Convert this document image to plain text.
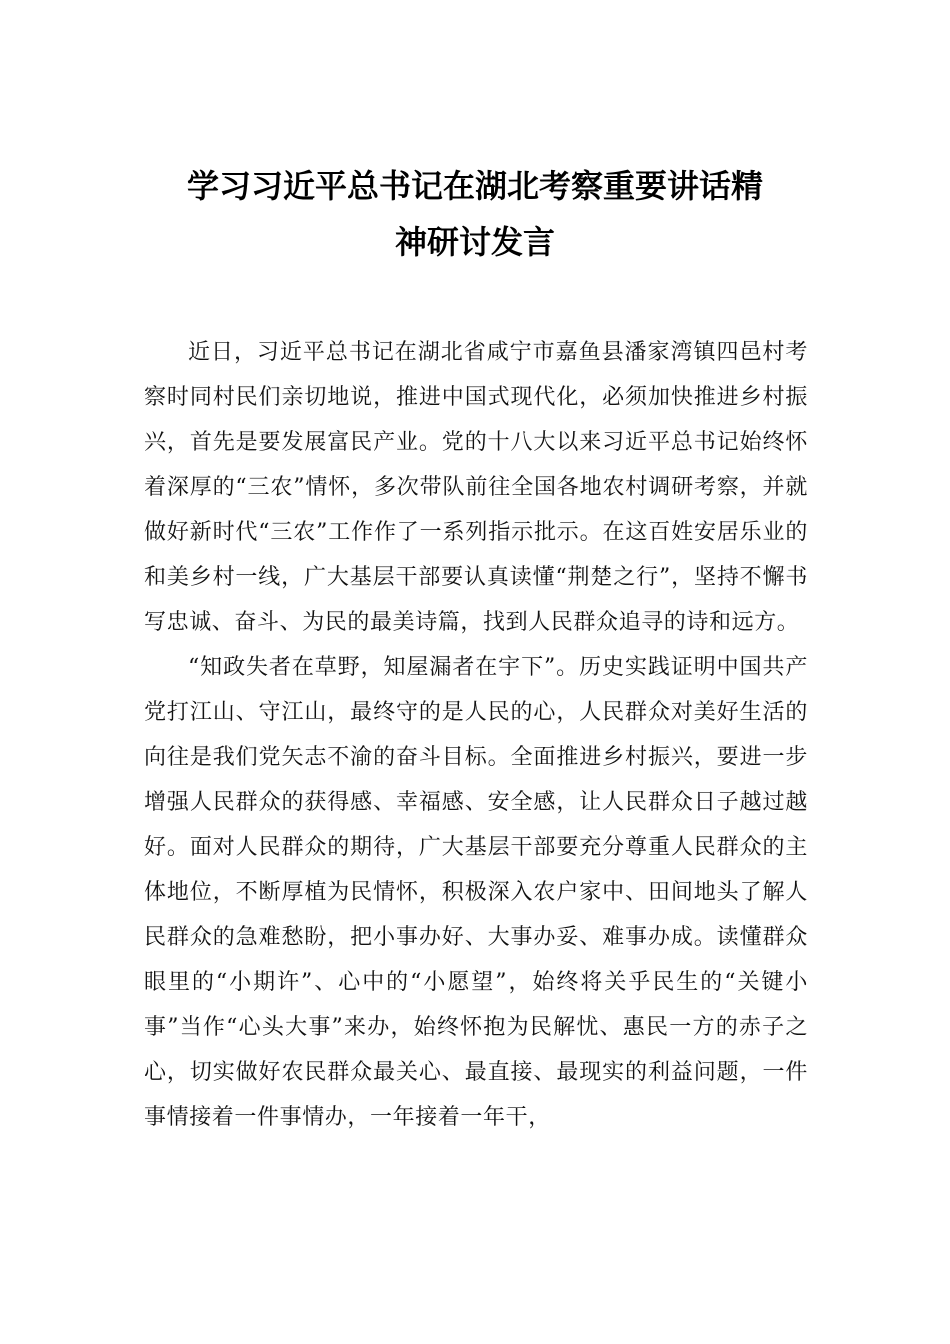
学习习近平总书记在湖北考察重要讲话精
神研讨发言

近日，习近平总书记在湖北省咸宁市嘉鱼县潘家湾镇四邑村考察时同村民们亲切地说，推进中国式现代化，必须加快推进乡村振兴，首先是要发展富民产业。党的十八大以来习近平总书记始终怀着深厚的“三农”情怀，多次带队前往全国各地农村调研考察，并就做好新时代“三农”工作作了一系列指示批示。在这百姓安居乐业的和美乡村一线，广大基层干部要认真读懂“荆楚之行”，坚持不懈书写忠诚、奋斗、为民的最美诗篇，找到人民群众追寻的诗和远方。

“知政失者在草野，知屋漏者在宇下”。历史实践证明中国共产党打江山、守江山，最终守的是人民的心，人民群众对美好生活的向往是我们党矢志不渝的奋斗目标。全面推进乡村振兴，要进一步增强人民群众的获得感、幸福感、安全感，让人民群众日子越过越好。面对人民群众的期待，广大基层干部要充分尊重人民群众的主体地位，不断厚植为民情怀，积极深入农户家中、田间地头了解人民群众的急难愁盼，把小事办好、大事办妥、难事办成。读懂群众眼里的“小期许”、心中的“小愿望”，始终将关乎民生的“关键小事”当作“心头大事”来办，始终怀抱为民解忧、惠民一方的赤子之心，切实做好农民群众最关心、最直接、最现实的利益问题，一件事情接着一件事情办，一年接着一年干，
